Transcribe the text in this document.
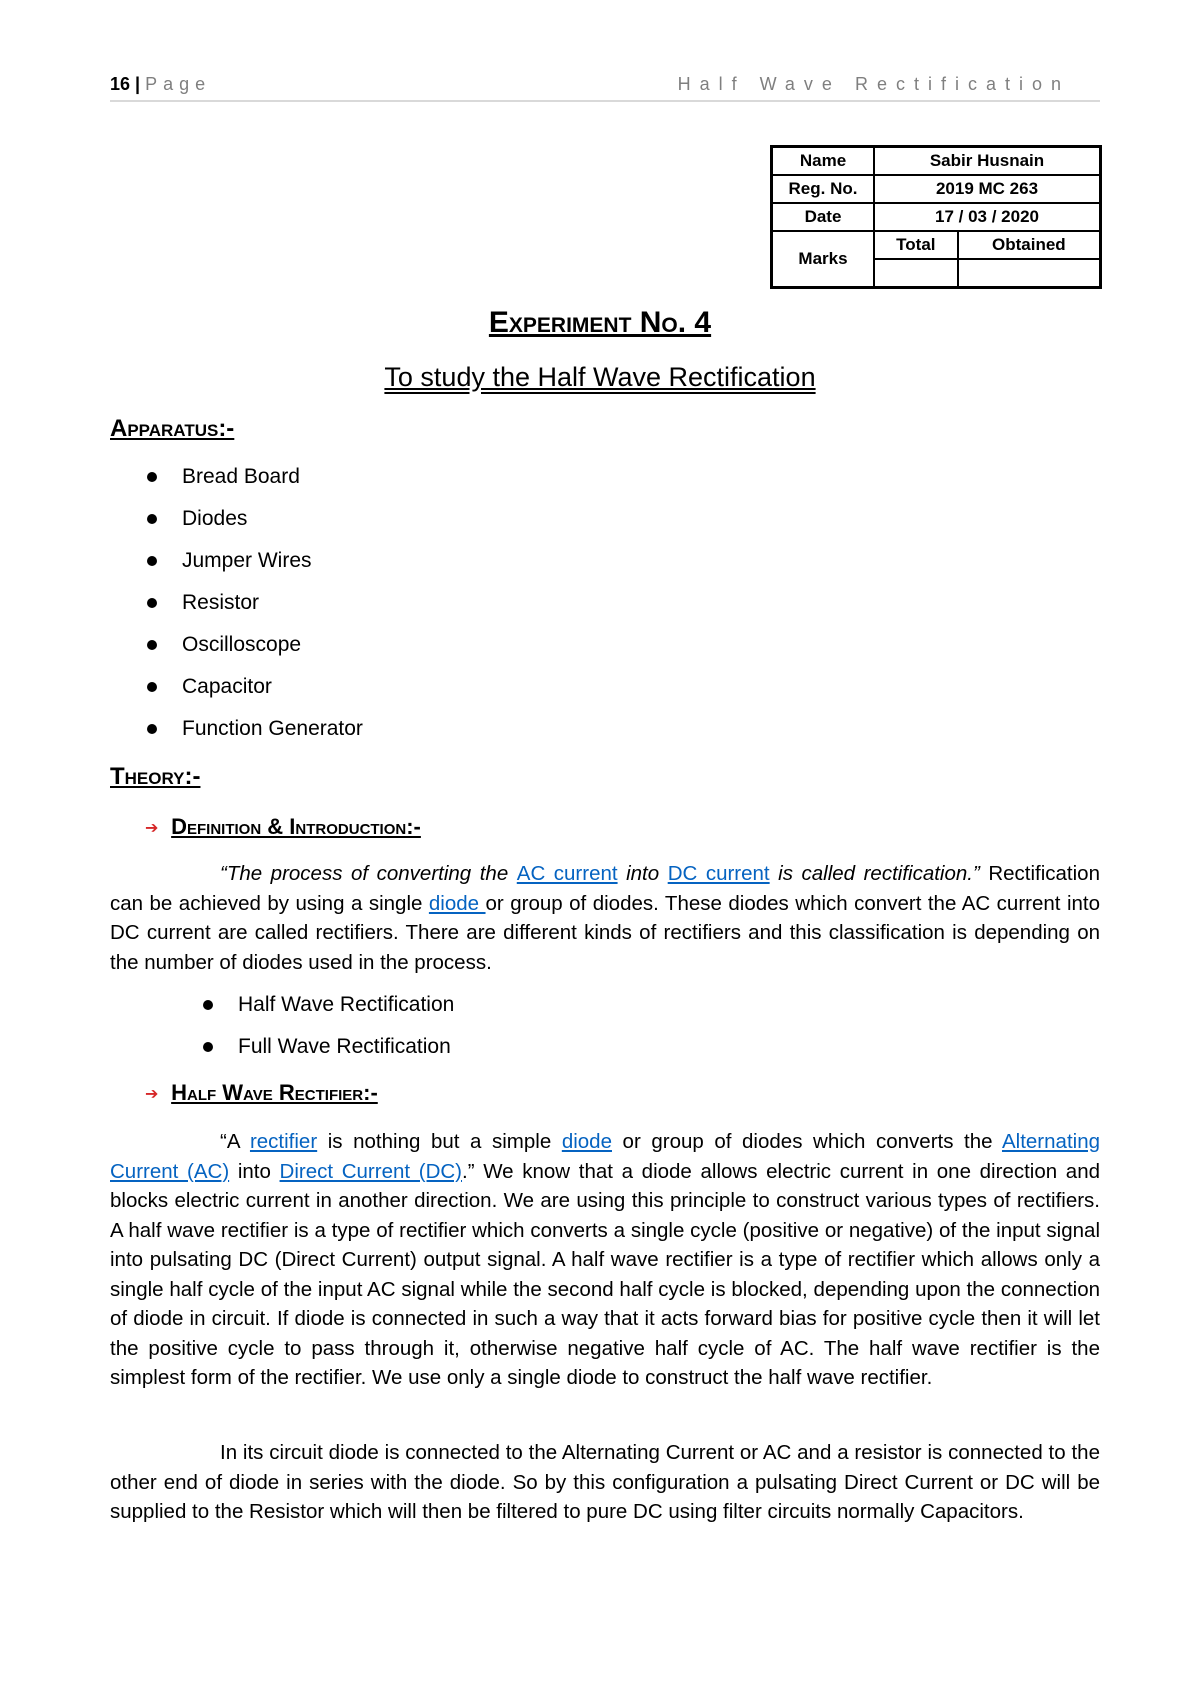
16 | Page	Half Wave Rectification
Name	Sabir Husnain	
Reg. No.	2019 MC 263	
Date	17 / 03 / 2020	
Marks	Total	Obtained

Experiment No. 4
To study the Half Wave Rectification
Apparatus:-
Bread Board
Diodes
Jumper Wires
Resistor
Oscilloscope
Capacitor
Function Generator
Theory:-
➔ Definition & Introduction:-
“The process of converting the AC current into DC current is called rectification.” Rectification can be achieved by using a single diode or group of diodes. These diodes which convert the AC current into DC current are called rectifiers. There are different kinds of rectifiers and this classification is depending on the number of diodes used in the process.
Half Wave Rectification
Full Wave Rectification
➔ Half Wave Rectifier:-
“A rectifier is nothing but a simple diode or group of diodes which converts the Alternating Current (AC) into Direct Current (DC).” We know that a diode allows electric current in one direction and blocks electric current in another direction. We are using this principle to construct various types of rectifiers. A half wave rectifier is a type of rectifier which converts a single cycle (positive or negative) of the input signal into pulsating DC (Direct Current) output signal. A half wave rectifier is a type of rectifier which allows only a single half cycle of the input AC signal while the second half cycle is blocked, depending upon the connection of diode in circuit. If diode is connected in such a way that it acts forward bias for positive cycle then it will let the positive cycle to pass through it, otherwise negative half cycle of AC. The half wave rectifier is the simplest form of the rectifier. We use only a single diode to construct the half wave rectifier.
In its circuit diode is connected to the Alternating Current or AC and a resistor is connected to the other end of diode in series with the diode. So by this configuration a pulsating Direct Current or DC will be supplied to the Resistor which will then be filtered to pure DC using filter circuits normally Capacitors.
